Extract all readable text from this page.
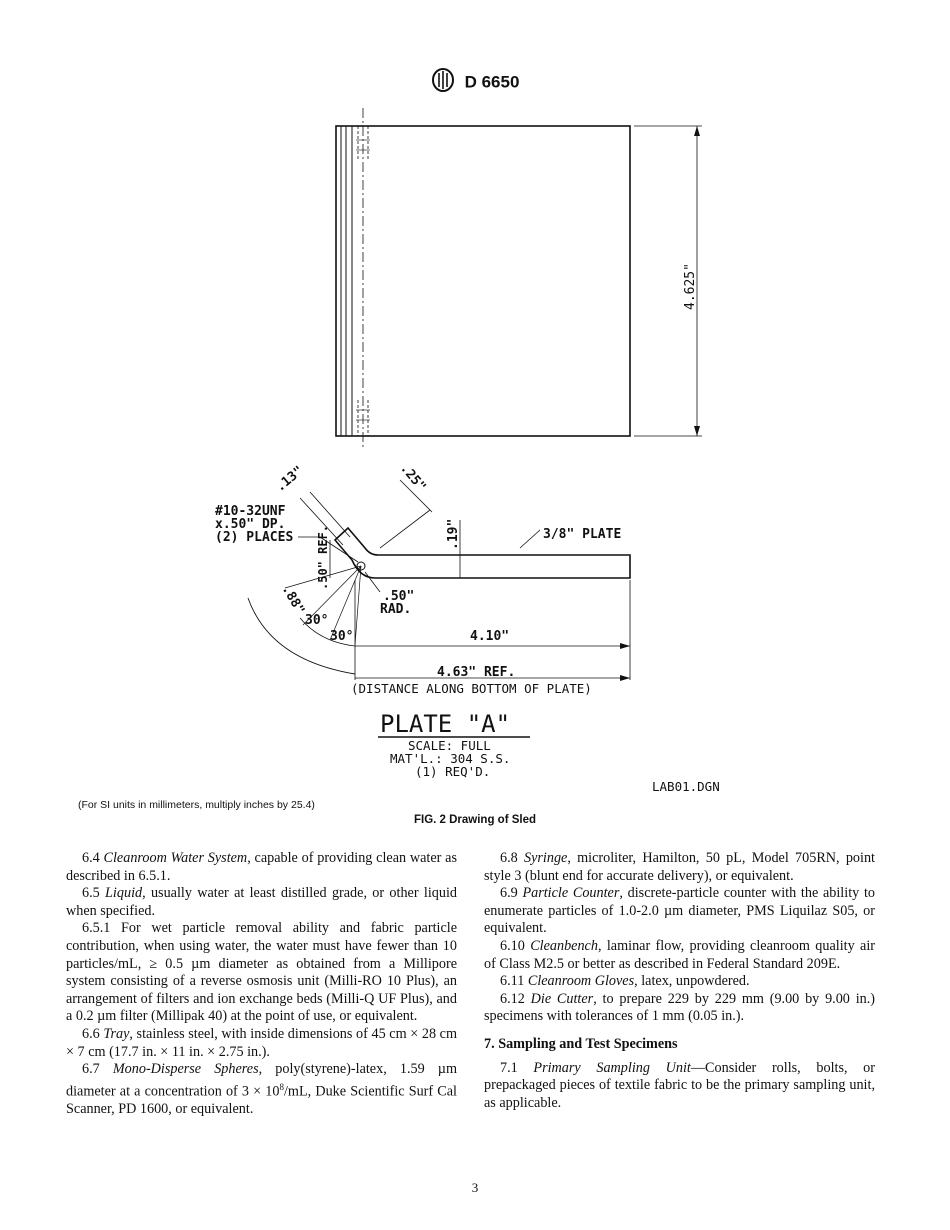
D 6650
4.625"
.13"	.25"
.19"
#10-32UNF
x.50" DP.
(2) PLACES .50" REF.	3/8" PLATE
.88"	.50"
RAD.
30°
30°	4.10"
4.63" REF.
(DISTANCE ALONG BOTTOM OF PLATE)
PLATE "A"
SCALE: FULL
MAT'L.: 304 S.S.
(1) REQ'D.
LAB01.DGN
(For SI units in millimeters, multiply inches by 25.4)
FIG. 2 Drawing of Sled

6.4 Cleanroom Water System, capable of providing clean water as described in 6.5.1.

6.5 Liquid, usually water at least distilled grade, or other liquid when specified.

6.5.1 For wet particle removal ability and fabric particle contribution, when using water, the water must have fewer than 10 particles/mL, ≥ 0.5 µm diameter as obtained from a Millipore system consisting of a reverse osmosis unit (Milli-RO 10 Plus), an arrangement of filters and ion exchange beds (Milli-Q UF Plus), and a 0.2 µm filter (Millipak 40) at the point of use, or equivalent.

6.6 Tray, stainless steel, with inside dimensions of 45 cm × 28 cm × 7 cm (17.7 in. × 11 in. × 2.75 in.).

6.7 Mono-Disperse Spheres, poly(styrene)-latex, 1.59 µm diameter at a concentration of $3 \times 10^8/mL$, Duke Scientific Surf Cal Scanner, PD 1600, or equivalent.

6.8 Syringe, microliter, Hamilton, 50 pL, Model 705RN, point style 3 (blunt end for accurate delivery), or equivalent.

6.9 Particle Counter, discrete-particle counter with the ability to enumerate particles of 1.0-2.0 µm diameter, PMS Liquilaz S05, or equivalent.

6.10 Cleanbench, laminar flow, providing cleanroom quality air of Class M2.5 or better as described in Federal Standard 209E.

6.11 Cleanroom Gloves, latex, unpowdered.

6.12 Die Cutter, to prepare 229 by 229 mm (9.00 by 9.00 in.) specimens with tolerances of 1 mm (0.05 in.).

7. Sampling and Test Specimens

7.1 Primary Sampling Unit—Consider rolls, bolts, or prepackaged pieces of textile fabric to be the primary sampling unit, as applicable.

3
